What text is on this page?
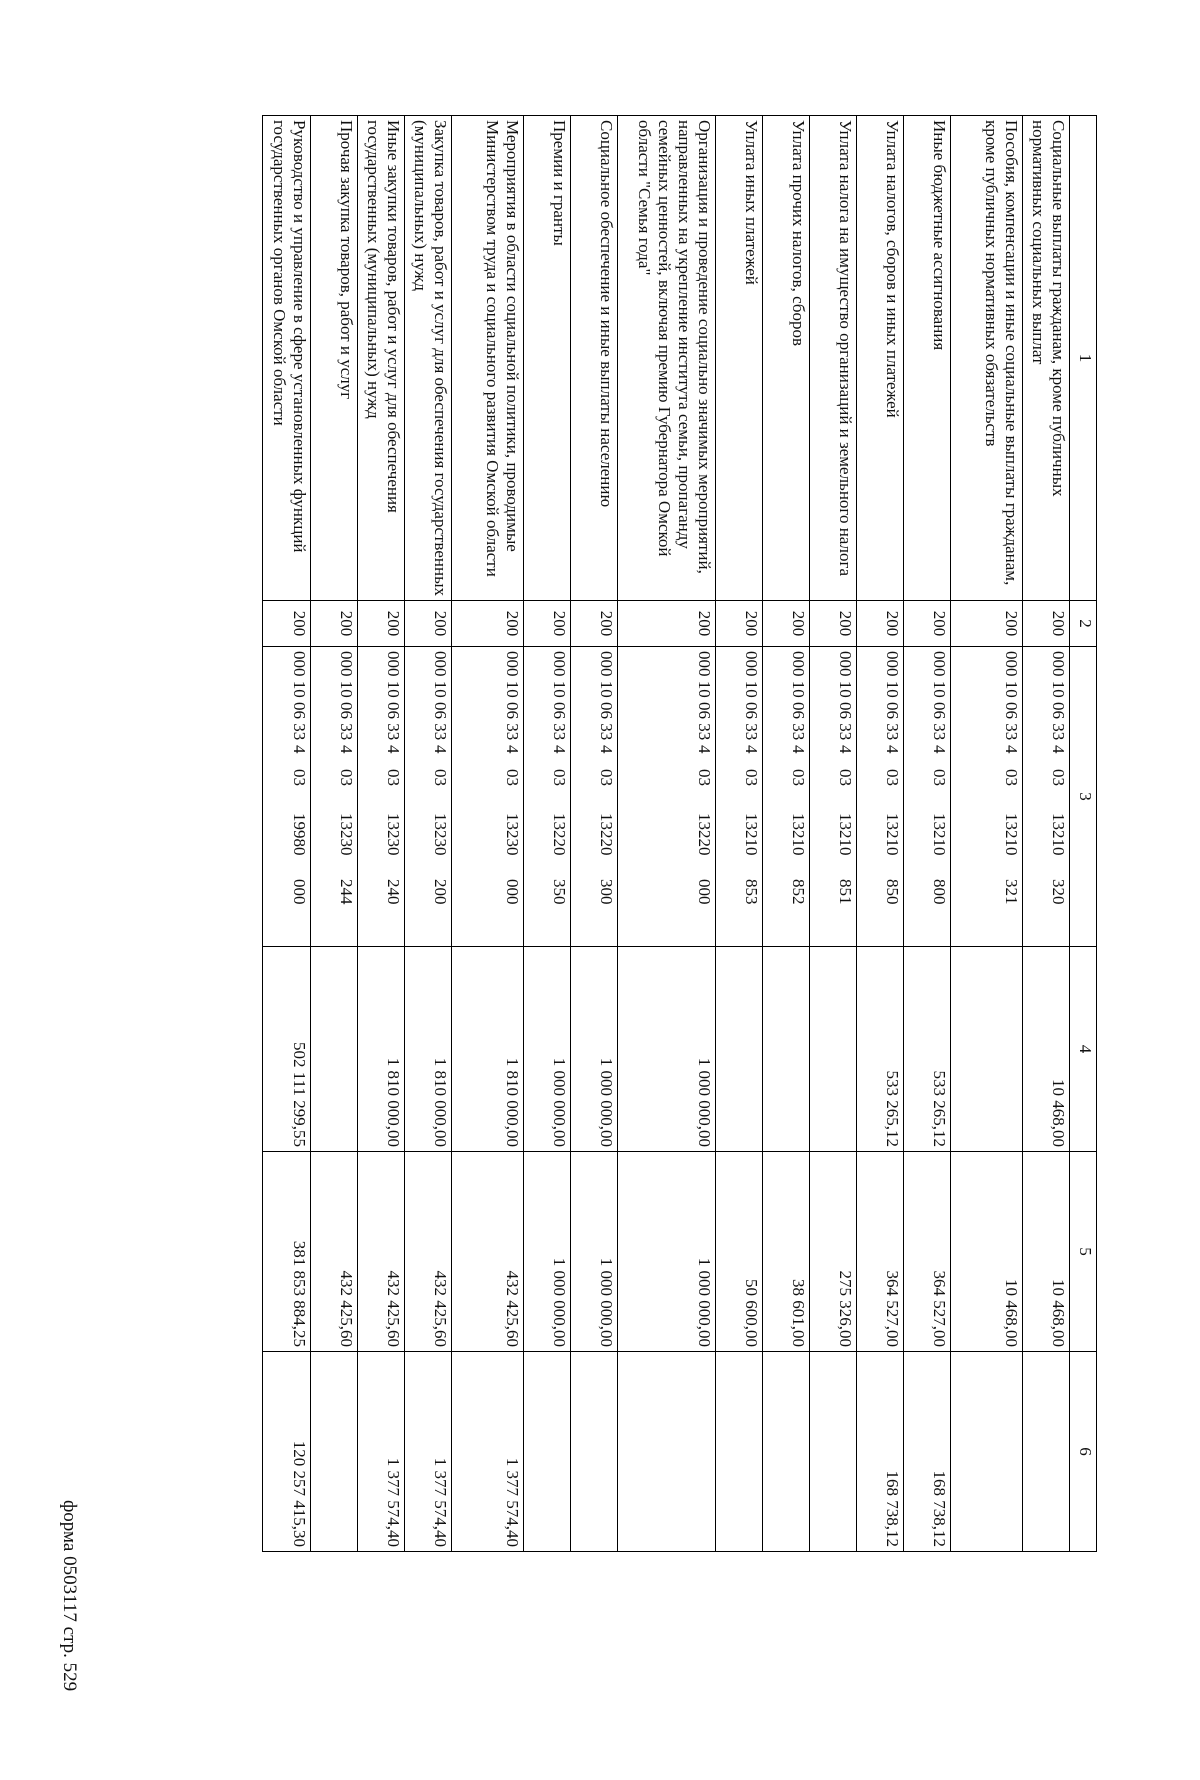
форма 0503117 стр. 529
1	2	3	4	5	6
Социальные выплаты гражданам, кроме публичных нормативных социальных выплат	200	000 10 06 3340313210320	10 468,00	10 468,00	
Пособия, компенсации и иные социальные выплаты гражданам, кроме публичных нормативных обязательств	200	000 10 06 3340313210321		10 468,00	
Иные бюджетные ассигнования	200	000 10 06 3340313210800	533 265,12	364 527,00	168 738,12
Уплата налогов, сборов и иных платежей	200	000 10 06 3340313210850	533 265,12	364 527,00	168 738,12
Уплата налога на имущество организаций и земельного налога	200	000 10 06 3340313210851		275 326,00	
Уплата прочих налогов, сборов	200	000 10 06 3340313210852		38 601,00	
Уплата иных платежей	200	000 10 06 3340313210853		50 600,00	
Организация и проведение социально значимых мероприятий, направленных на укрепление института семьи, пропаганду семейных ценностей, включая премию Губернатора Омской области "Семья года"	200	000 10 06 3340313220000	1 000 000,00	1 000 000,00	
Социальное обеспечение и иные выплаты населению	200	000 10 06 3340313220300	1 000 000,00	1 000 000,00	
Премии и гранты	200	000 10 06 3340313220350	1 000 000,00	1 000 000,00	
Мероприятия в области социальной политики, проводимые Министерством труда и социального развития Омской области	200	000 10 06 3340313230000	1 810 000,00	432 425,60	1 377 574,40
Закупка товаров, работ и услуг для обеспечения государственных (муниципальных) нужд	200	000 10 06 3340313230200	1 810 000,00	432 425,60	1 377 574,40
Иные закупки товаров, работ и услуг для обеспечения государственных (муниципальных) нужд	200	000 10 06 3340313230240	1 810 000,00	432 425,60	1 377 574,40
Прочая закупка товаров, работ и услуг	200	000 10 06 3340313230244		432 425,60	
Руководство и управление в сфере установленных функций государственных органов Омской области	200	000 10 06 3340319980000	502 111 299,55	381 853 884,25	120 257 415,30
